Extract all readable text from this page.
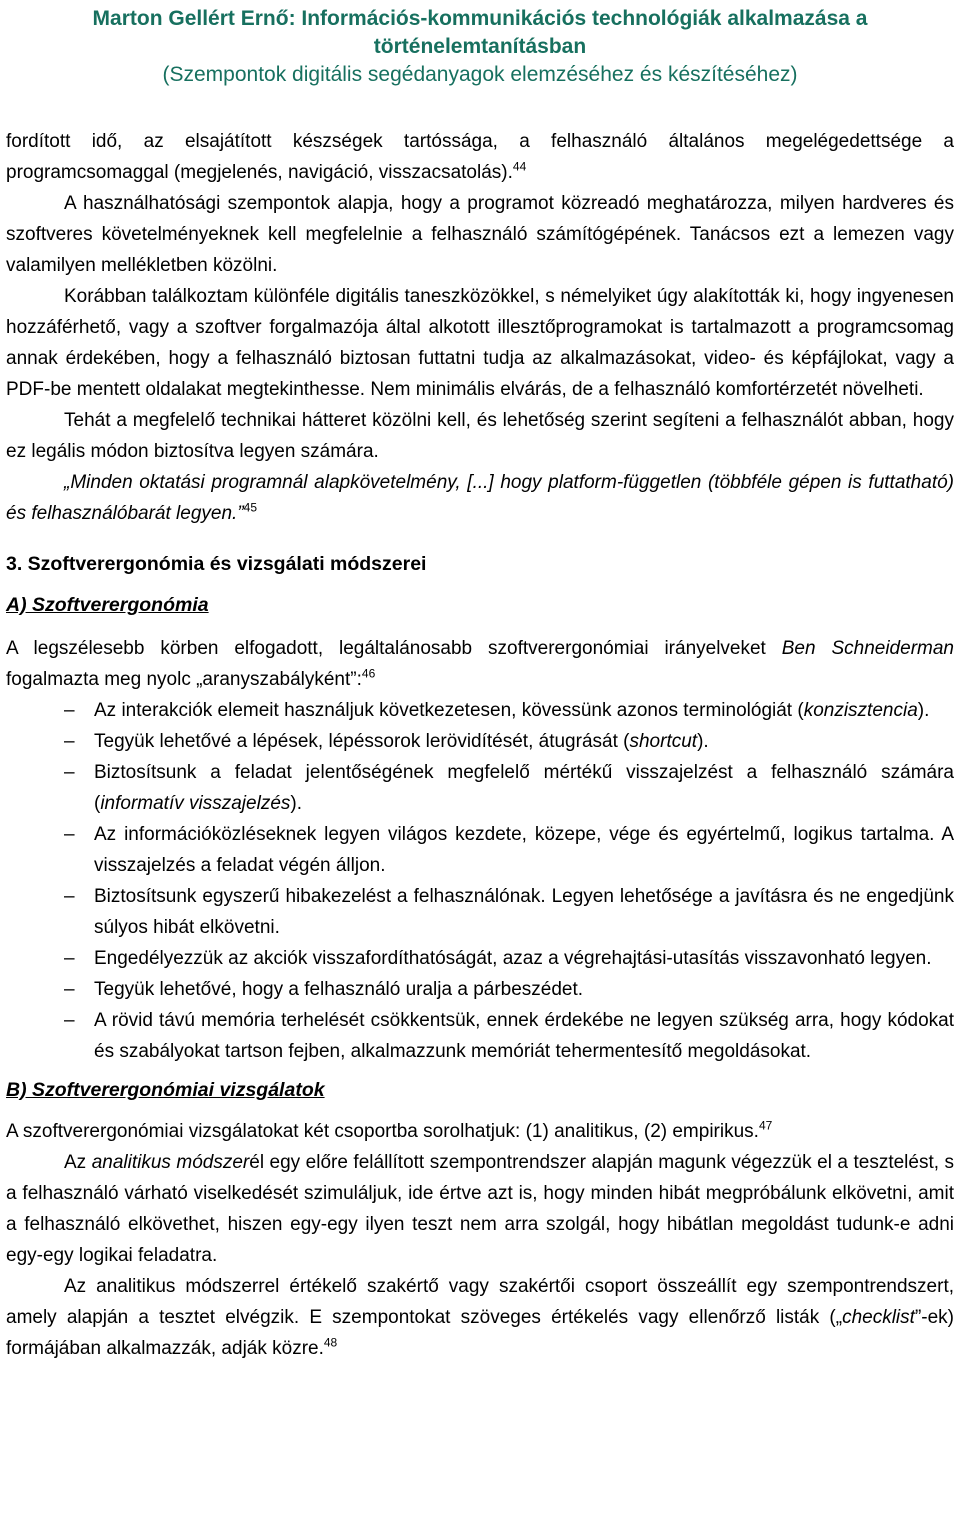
Marton Gellért Ernő: Információs-kommunikációs technológiák alkalmazása a
történelemtanításban
(Szempontok digitális segédanyagok elemzéséhez és készítéséhez)

fordított idő, az elsajátított készségek tartóssága, a felhasználó általános megelégedettsége a programcsomaggal (megjelenés, navigáció, visszacsatolás).$^{44}$

A használhatósági szempontok alapja, hogy a programot közreadó meghatározza, milyen hardveres és szoftveres követelményeknek kell megfelelnie a felhasználó számítógépének. Tanácsos ezt a lemezen vagy valamilyen mellékletben közölni.

Korábban találkoztam különféle digitális taneszközökkel, s némelyiket úgy alakították ki, hogy ingyenesen hozzáférhető, vagy a szoftver forgalmazója által alkotott illesztőprogramokat is tartalmazott a programcsomag annak érdekében, hogy a felhasználó biztosan futtatni tudja az alkalmazásokat, video- és képfájlokat, vagy a PDF-be mentett oldalakat megtekinthesse. Nem minimális elvárás, de a felhasználó komfortérzetét növelheti.

Tehát a megfelelő technikai hátteret közölni kell, és lehetőség szerint segíteni a felhasználót abban, hogy ez legális módon biztosítva legyen számára.

„Minden oktatási programnál alapkövetelmény, [...] hogy platform-független (többféle gépen is futtatható) és felhasználóbarát legyen.”$^{45}$

3. Szoftverergonómia és vizsgálati módszerei
A) Szoftverergonómia

A legszélesebb körben elfogadott, legáltalánosabb szoftverergonómiai irányelveket Ben Schneiderman fogalmazta meg nyolc „aranyszabályként”:$^{46}$

– Az interakciók elemeit használjuk következetesen, kövessünk azonos terminológiát (konzisztencia).
– Tegyük lehetővé a lépések, lépéssorok lerövidítését, átugrását (shortcut).
– Biztosítsunk a feladat jelentőségének megfelelő mértékű visszajelzést a felhasználó számára (informatív visszajelzés).
– Az információközléseknek legyen világos kezdete, közepe, vége és egyértelmű, logikus tartalma. A visszajelzés a feladat végén álljon.
– Biztosítsunk egyszerű hibakezelést a felhasználónak. Legyen lehetősége a javításra és ne engedjünk súlyos hibát elkövetni.
– Engedélyezzük az akciók visszafordíthatóságát, azaz a végrehajtási-utasítás visszavonható legyen.
– Tegyük lehetővé, hogy a felhasználó uralja a párbeszédet.
– A rövid távú memória terhelését csökkentsük, ennek érdekébe ne legyen szükség arra, hogy kódokat és szabályokat tartson fejben, alkalmazzunk memóriát tehermentesítő megoldásokat.
B) Szoftverergonómiai vizsgálatok

A szoftverergonómiai vizsgálatokat két csoportba sorolhatjuk: (1) analitikus, (2) empirikus.$^{47}$

Az analitikus módszerél egy előre felállított szempontrendszer alapján magunk végezzük el a tesztelést, s a felhasználó várható viselkedését szimuláljuk, ide értve azt is, hogy minden hibát megpróbálunk elkövetni, amit a felhasználó elkövethet, hiszen egy-egy ilyen teszt nem arra szolgál, hogy hibátlan megoldást tudunk-e adni egy-egy logikai feladatra.

Az analitikus módszerrel értékelő szakértő vagy szakértői csoport összeállít egy szempontrendszert, amely alapján a tesztet elvégzik. E szempontokat szöveges értékelés vagy ellenőrző listák („checklist”-ek) formájában alkalmazzák, adják közre.$^{48}$
